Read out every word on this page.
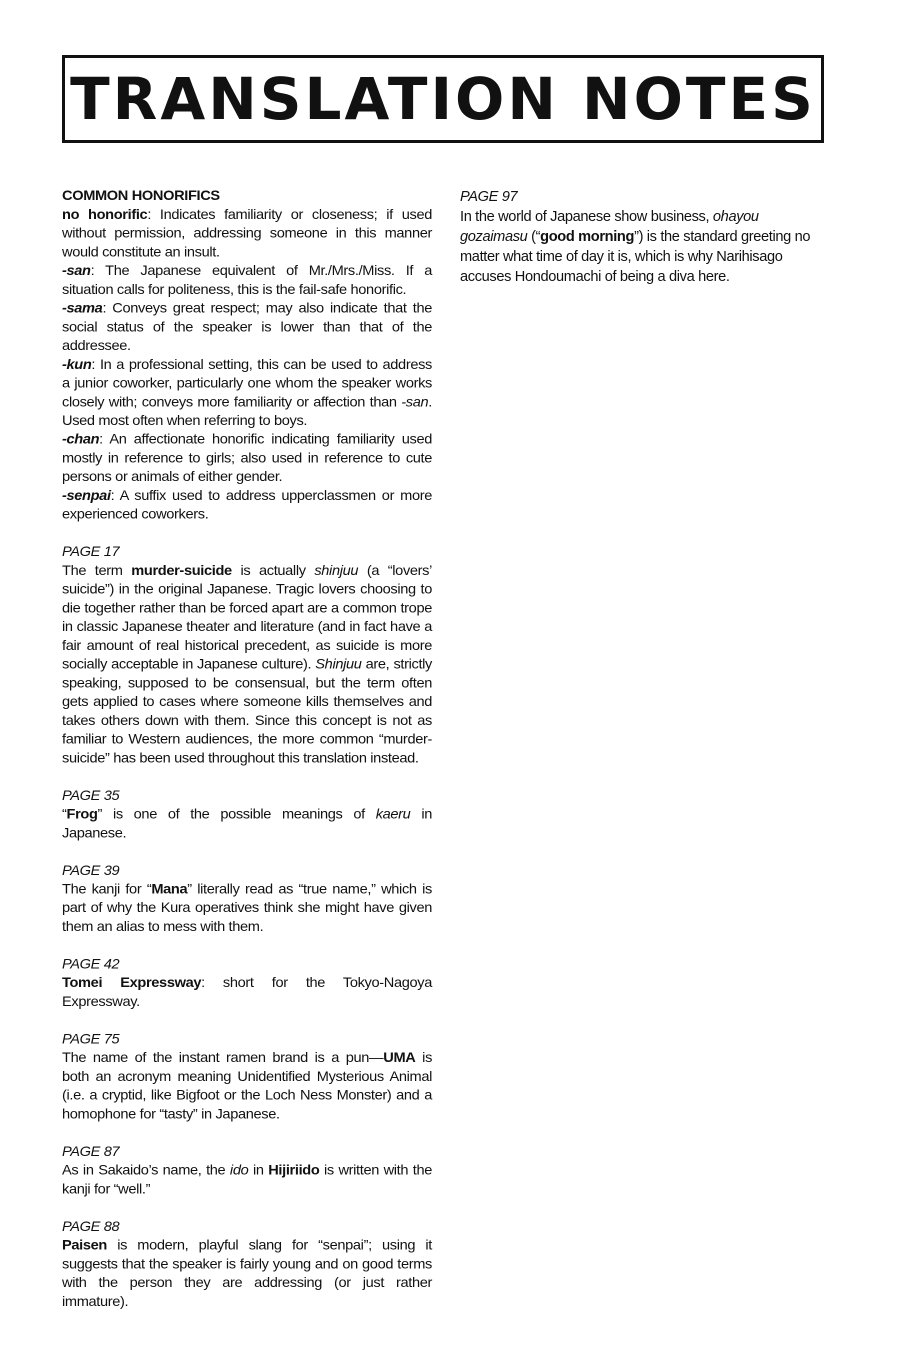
TRANSLATION NOTES
COMMON HONORIFICS

no honorific: Indicates familiarity or closeness; if used without permission, addressing someone in this manner would constitute an insult.

-san: The Japanese equivalent of Mr./Mrs./Miss. If a situation calls for politeness, this is the fail-safe honorific.

-sama: Conveys great respect; may also indicate that the social status of the speaker is lower than that of the addressee.

-kun: In a professional setting, this can be used to address a junior coworker, particularly one whom the speaker works closely with; conveys more familiarity or affection than -san. Used most often when referring to boys.

-chan: An affectionate honorific indicating familiarity used mostly in reference to girls; also used in reference to cute persons or animals of either gender.

-senpai: A suffix used to address upperclassmen or more experienced coworkers.

PAGE 17

The term murder-suicide is actually shinjuu (a “lovers’ suicide”) in the original Japanese. Tragic lovers choosing to die together rather than be forced apart are a common trope in classic Japanese theater and literature (and in fact have a fair amount of real historical precedent, as suicide is more socially acceptable in Japanese culture). Shinjuu are, strictly speaking, supposed to be consensual, but the term often gets applied to cases where someone kills themselves and takes others down with them. Since this concept is not as familiar to Western audiences, the more common “murder-suicide” has been used throughout this translation instead.

PAGE 35

“Frog” is one of the possible meanings of kaeru in Japanese.

PAGE 39

The kanji for “Mana” literally read as “true name,” which is part of why the Kura operatives think she might have given them an alias to mess with them.

PAGE 42

Tomei Expressway: short for the Tokyo-Nagoya Expressway.

PAGE 75

The name of the instant ramen brand is a pun—UMA is both an acronym meaning Unidentified Mysterious Animal (i.e. a cryptid, like Bigfoot or the Loch Ness Monster) and a homophone for “tasty” in Japanese.

PAGE 87

As in Sakaido’s name, the ido in Hijiriido is written with the kanji for “well.”

PAGE 88

Paisen is modern, playful slang for “senpai”; using it suggests that the speaker is fairly young and on good terms with the person they are addressing (or just rather immature).

PAGE 97

In the world of Japanese show business, ohayou gozaimasu (“good morning”) is the standard greeting no matter what time of day it is, which is why Narihisago accuses Hondoumachi of being a diva here.
